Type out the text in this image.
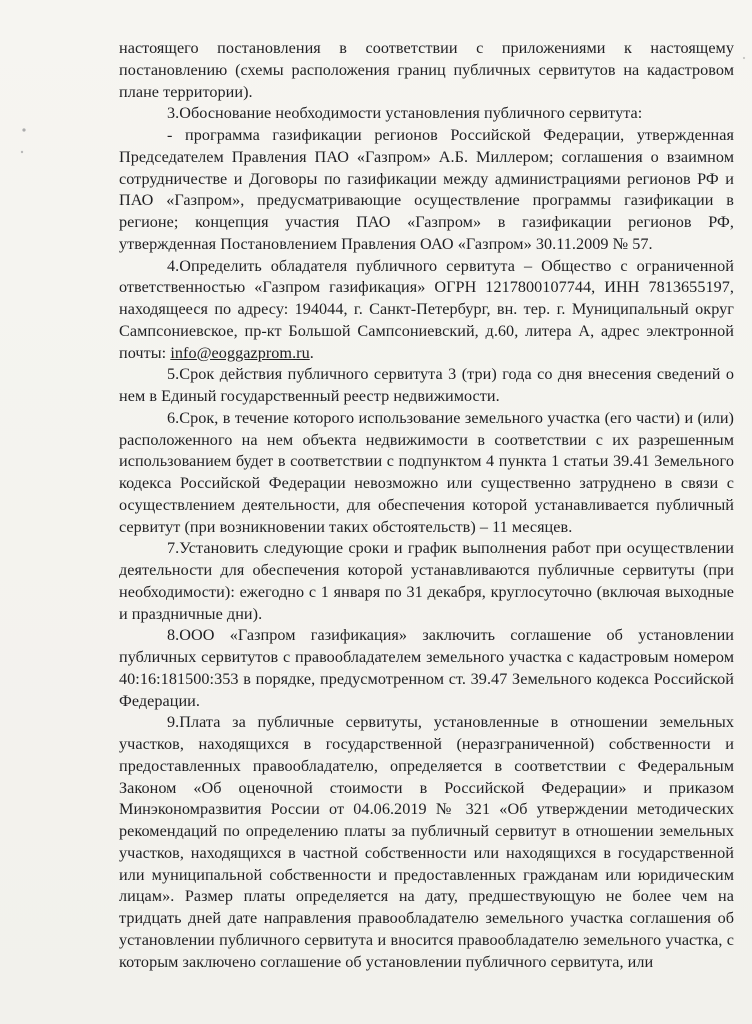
настоящего постановления в соответствии с приложениями к настоящему постановлению (схемы расположения границ публичных сервитутов на кадастровом плане территории).

3.Обоснование необходимости установления публичного сервитута:

- программа газификации регионов Российской Федерации, утвержденная Председателем Правления ПАО «Газпром» А.Б. Миллером; соглашения о взаимном сотрудничестве и Договоры по газификации между администрациями регионов РФ и ПАО «Газпром», предусматривающие осуществление программы газификации в регионе; концепция участия ПАО «Газпром» в газификации регионов РФ, утвержденная Постановлением Правления ОАО «Газпром» 30.11.2009 № 57.

4.Определить обладателя публичного сервитута – Общество с ограниченной ответственностью «Газпром газификация» ОГРН 1217800107744, ИНН 7813655197, находящееся по адресу: 194044, г. Санкт-Петербург, вн. тер. г. Муниципальный округ Сампсониевское, пр-кт Большой Сампсониевский, д.60, литера А, адрес электронной почты: info@eoggazprom.ru.

5.Срок действия публичного сервитута 3 (три) года со дня внесения сведений о нем в Единый государственный реестр недвижимости.

6.Срок, в течение которого использование земельного участка (его части) и (или) расположенного на нем объекта недвижимости в соответствии с их разрешенным использованием будет в соответствии с подпунктом 4 пункта 1 статьи 39.41 Земельного кодекса Российской Федерации невозможно или существенно затруднено в связи с осуществлением деятельности, для обеспечения которой устанавливается публичный сервитут (при возникновении таких обстоятельств) – 11 месяцев.

7.Установить следующие сроки и график выполнения работ при осуществлении деятельности для обеспечения которой устанавливаются публичные сервитуты (при необходимости): ежегодно с 1 января по 31 декабря, круглосуточно (включая выходные и праздничные дни).

8.ООО «Газпром газификация» заключить соглашение об установлении публичных сервитутов с правообладателем земельного участка с кадастровым номером 40:16:181500:353 в порядке, предусмотренном ст. 39.47 Земельного кодекса Российской Федерации.

9.Плата за публичные сервитуты, установленные в отношении земельных участков, находящихся в государственной (неразграниченной) собственности и предоставленных правообладателю, определяется в соответствии с Федеральным Законом «Об оценочной стоимости в Российской Федерации» и приказом Минэкономразвития России от 04.06.2019 № 321 «Об утверждении методических рекомендаций по определению платы за публичный сервитут в отношении земельных участков, находящихся в частной собственности или находящихся в государственной или муниципальной собственности и предоставленных гражданам или юридическим лицам». Размер платы определяется на дату, предшествующую не более чем на тридцать дней дате направления правообладателю земельного участка соглашения об установлении публичного сервитута и вносится правообладателю земельного участка, с которым заключено соглашение об установлении публичного сервитута, или
